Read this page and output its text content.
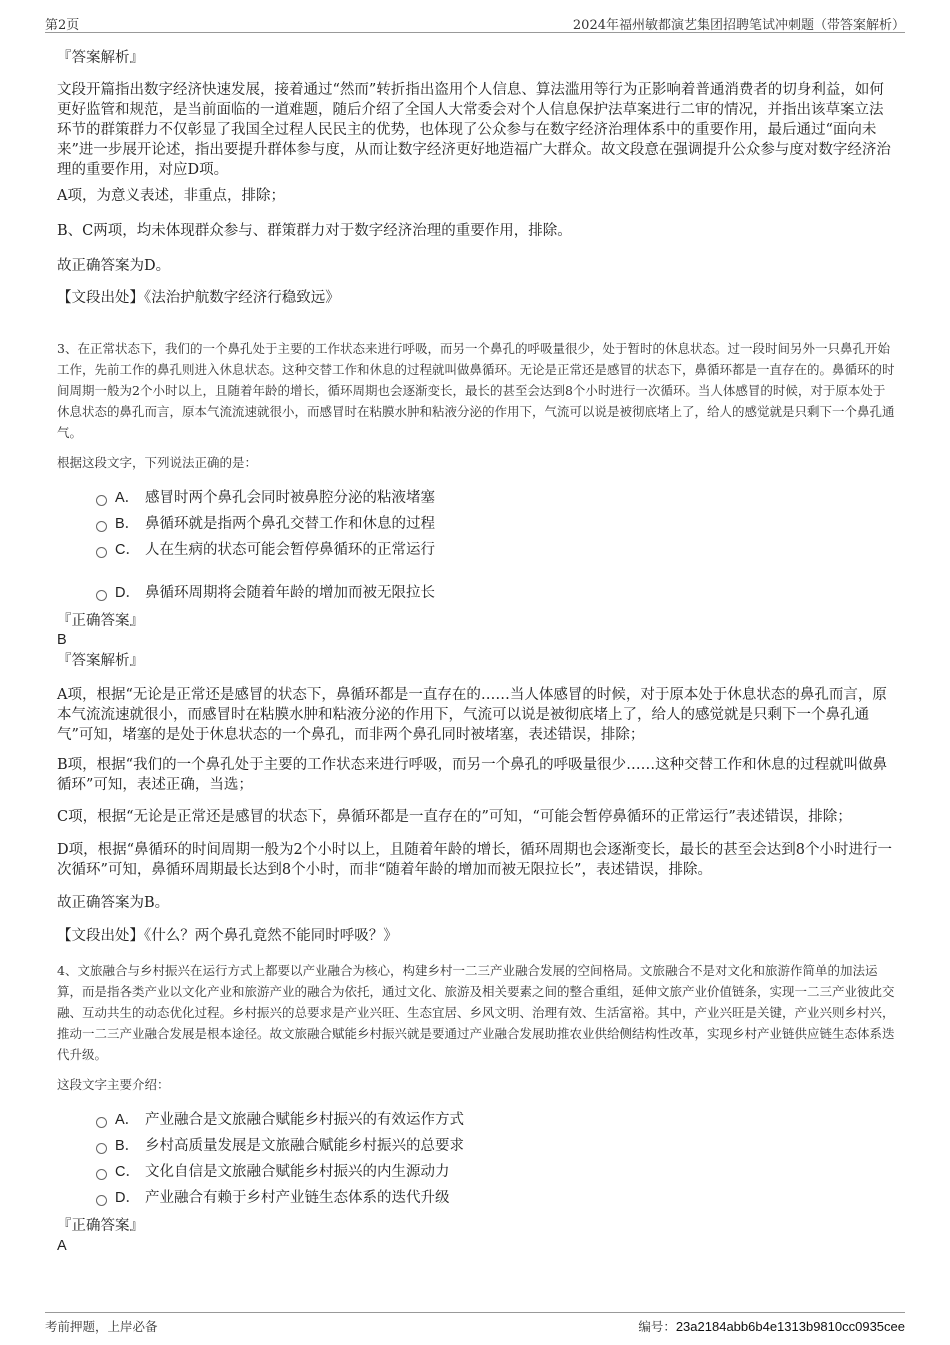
第2页	2024年福州敏都演艺集团招聘笔试冲刺题（带答案解析）

『答案解析』

文段开篇指出数字经济快速发展，接着通过“然而”转折指出盗用个人信息、算法滥用等行为正影响着普通消费者的切身利益，如何更好监管和规范，是当前面临的一道难题，随后介绍了全国人大常委会对个人信息保护法草案进行二审的情况，并指出该草案立法环节的群策群力不仅彰显了我国全过程人民民主的优势，也体现了公众参与在数字经济治理体系中的重要作用，最后通过“面向未来”进一步展开论述，指出要提升群体参与度，从而让数字经济更好地造福广大群众。故文段意在强调提升公众参与度对数字经济治理的重要作用，对应D项。

A项，为意义表述，非重点，排除；

B、C两项，均未体现群众参与、群策群力对于数字经济治理的重要作用，排除。

故正确答案为D。

【文段出处】《法治护航数字经济行稳致远》

3、在正常状态下，我们的一个鼻孔处于主要的工作状态来进行呼吸，而另一个鼻孔的呼吸量很少，处于暂时的休息状态。过一段时间另外一只鼻孔开始工作，先前工作的鼻孔则进入休息状态。这种交替工作和休息的过程就叫做鼻循环。无论是正常还是感冒的状态下，鼻循环都是一直存在的。鼻循环的时间周期一般为2个小时以上，且随着年龄的增长，循环周期也会逐渐变长，最长的甚至会达到8个小时进行一次循环。当人体感冒的时候，对于原本处于休息状态的鼻孔而言，原本气流流速就很小，而感冒时在粘膜水肿和粘液分泌的作用下，气流可以说是被彻底堵上了，给人的感觉就是只剩下一个鼻孔通气。

根据这段文字，下列说法正确的是：

A． 感冒时两个鼻孔会同时被鼻腔分泌的粘液堵塞
B． 鼻循环就是指两个鼻孔交替工作和休息的过程
C． 人在生病的状态可能会暂停鼻循环的正常运行
D． 鼻循环周期将会随着年龄的增加而被无限拉长

『正确答案』

B

『答案解析』

A项，根据“无论是正常还是感冒的状态下，鼻循环都是一直存在的……当人体感冒的时候，对于原本处于休息状态的鼻孔而言，原本气流流速就很小，而感冒时在粘膜水肿和粘液分泌的作用下，气流可以说是被彻底堵上了，给人的感觉就是只剩下一个鼻孔通气”可知，堵塞的是处于休息状态的一个鼻孔，而非两个鼻孔同时被堵塞，表述错误，排除；

B项，根据“我们的一个鼻孔处于主要的工作状态来进行呼吸，而另一个鼻孔的呼吸量很少……这种交替工作和休息的过程就叫做鼻循环”可知，表述正确，当选；

C项，根据“无论是正常还是感冒的状态下，鼻循环都是一直存在的”可知，“可能会暂停鼻循环的正常运行”表述错误，排除；

D项，根据“鼻循环的时间周期一般为2个小时以上，且随着年龄的增长，循环周期也会逐渐变长，最长的甚至会达到8个小时进行一次循环”可知，鼻循环周期最长达到8个小时，而非“随着年龄的增加而被无限拉长”，表述错误，排除。

故正确答案为B。

【文段出处】《什么？两个鼻孔竟然不能同时呼吸？》

4、文旅融合与乡村振兴在运行方式上都要以产业融合为核心，构建乡村一二三产业融合发展的空间格局。文旅融合不是对文化和旅游作简单的加法运算，而是指各类产业以文化产业和旅游产业的融合为依托，通过文化、旅游及相关要素之间的整合重组，延伸文旅产业价值链条，实现一二三产业彼此交融、互动共生的动态优化过程。乡村振兴的总要求是产业兴旺、生态宜居、乡风文明、治理有效、生活富裕。其中，产业兴旺是关键，产业兴则乡村兴，推动一二三产业融合发展是根本途径。故文旅融合赋能乡村振兴就是要通过产业融合发展助推农业供给侧结构性改革，实现乡村产业链供应链生态体系迭代升级。

这段文字主要介绍：

A． 产业融合是文旅融合赋能乡村振兴的有效运作方式
B． 乡村高质量发展是文旅融合赋能乡村振兴的总要求
C． 文化自信是文旅融合赋能乡村振兴的内生源动力
D． 产业融合有赖于乡村产业链生态体系的迭代升级

『正确答案』

A

考前押题，上岸必备	编号：23a2184abb6b4e1313b9810cc0935cee
